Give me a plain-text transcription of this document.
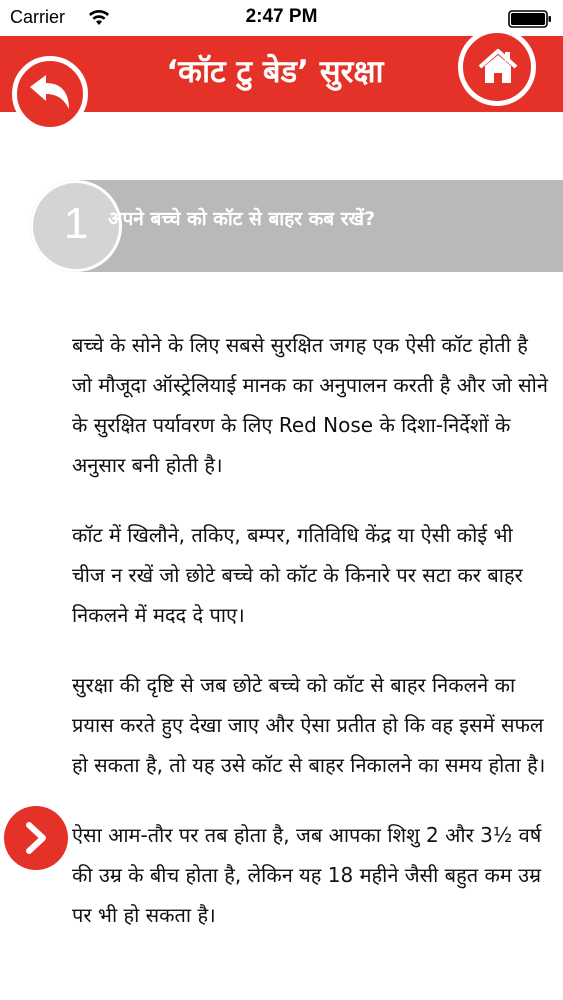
Carrier	2:47 PM
‘कॉट टु बेड’ सुरक्षा
1	अपने बच्चे को कॉट से बाहर कब रखें?

बच्चे के सोने के लिए सबसे सुरक्षित जगह एक ऐसी कॉट होती है जो मौजूदा ऑस्ट्रेलियाई मानक का अनुपालन करती है और जो सोने के सुरक्षित पर्यावरण के लिए Red Nose के दिशा-निर्देशों के अनुसार बनी होती है।

कॉट में खिलौने, तकिए, बम्पर, गतिविधि केंद्र या ऐसी कोई भी चीज न रखें जो छोटे बच्चे को कॉट के किनारे पर सटा कर बाहर निकलने में मदद दे पाए।

सुरक्षा की दृष्टि से जब छोटे बच्चे को कॉट से बाहर निकलने का प्रयास करते हुए देखा जाए और ऐसा प्रतीत हो कि वह इसमें सफल हो सकता है, तो यह उसे कॉट से बाहर निकालने का समय होता है।

ऐसा आम-तौर पर तब होता है, जब आपका शिशु 2 और 3½ वर्ष की उम्र के बीच होता है, लेकिन यह 18 महीने जैसी बहुत कम उम्र पर भी हो सकता है।
